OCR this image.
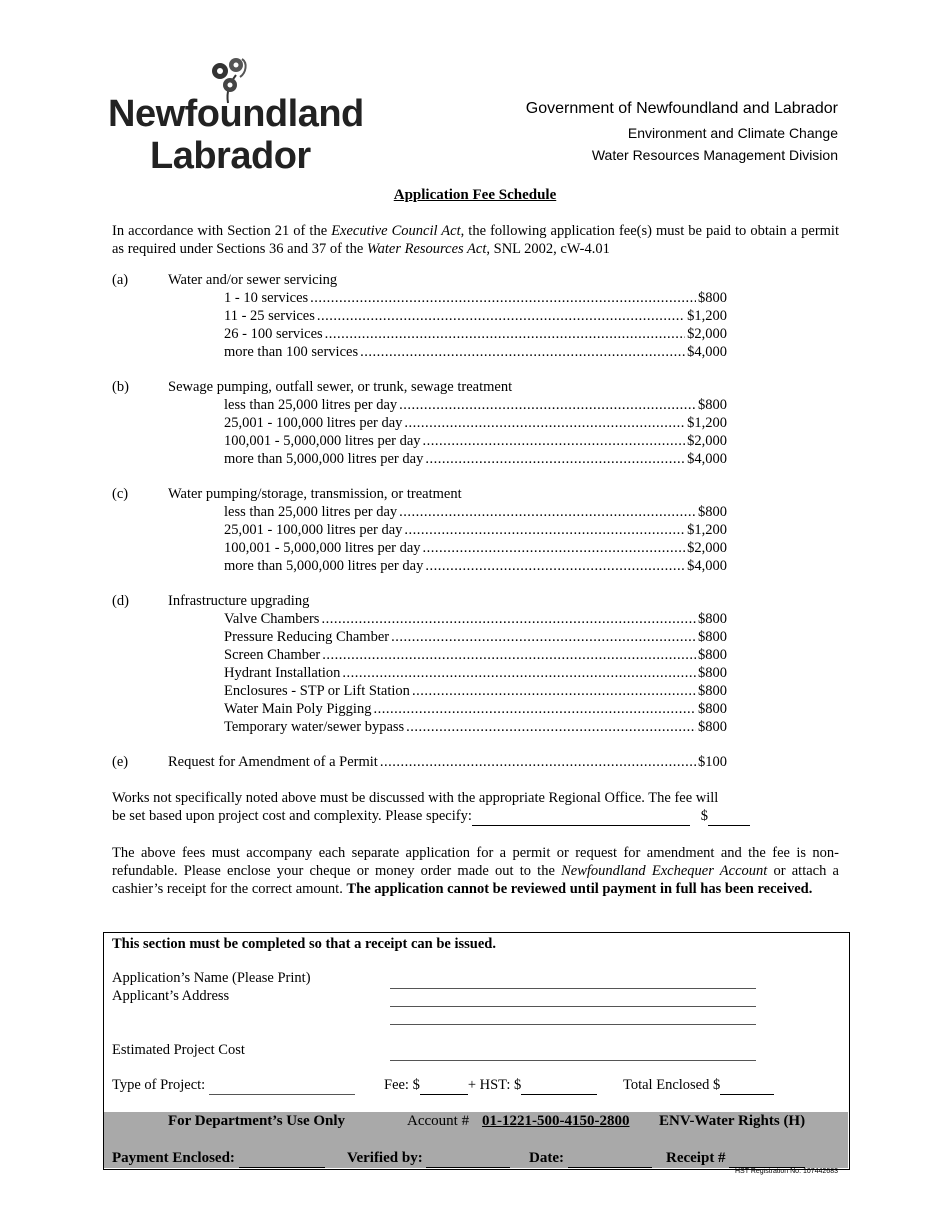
Newfoundland
Labrador
Government of Newfoundland and Labrador
Environment and Climate Change
Water Resources Management Division
Application Fee Schedule
In accordance with Section 21 of the Executive Council Act, the following application fee(s) must be paid to obtain a permit as required under Sections 36 and 37 of the Water Resources Act, SNL 2002, cW-4.01
(a)	Water and/or sewer servicing
1 - 10 services .....	$800
11 - 25 services .....	$1,200
26 - 100 services .....	$2,000
more than 100 services .....	$4,000
(b)	Sewage pumping, outfall sewer, or trunk, sewage treatment
less than 25,000 litres per day .....	$800
25,001 - 100,000 litres per day .....	$1,200
100,001 - 5,000,000 litres per day .....	$2,000
more than 5,000,000 litres per day .....	$4,000
(c)	Water pumping/storage, transmission, or treatment
less than 25,000 litres per day .....	$800
25,001 - 100,000 litres per day .....	$1,200
100,001 - 5,000,000 litres per day .....	$2,000
more than 5,000,000 litres per day .....	$4,000
(d)	Infrastructure upgrading
Valve Chambers .....	$800
Pressure Reducing Chamber .....	$800
Screen Chamber .....	$800
Hydrant Installation .....	$800
Enclosures - STP or Lift Station .....	$800
Water Main Poly Pigging .....	$800
Temporary water/sewer bypass .....	$800
(e)	Request for Amendment of a Permit .....	$100
Works not specifically noted above must be discussed with the appropriate Regional Office. The fee will
be set based upon project cost and complexity. Please specify:	$
The above fees must accompany each separate application for a permit or request for amendment and the fee is non-refundable. Please enclose your cheque or money order made out to the Newfoundland Exchequer Account or attach a cashier’s receipt for the correct amount. The application cannot be reviewed until payment in full has been received.
This section must be completed so that a receipt can be issued.
Application’s Name (Please Print)
Applicant’s Address
Estimated Project Cost
Type of Project:	Fee: $	+ HST: $	Total Enclosed $
For Department’s Use Only	Account # 01-1221-500-4150-2800 ENV-Water Rights (H)
Payment Enclosed:	Verified by:	Date:	Receipt #
HST Registration No: 107442683
